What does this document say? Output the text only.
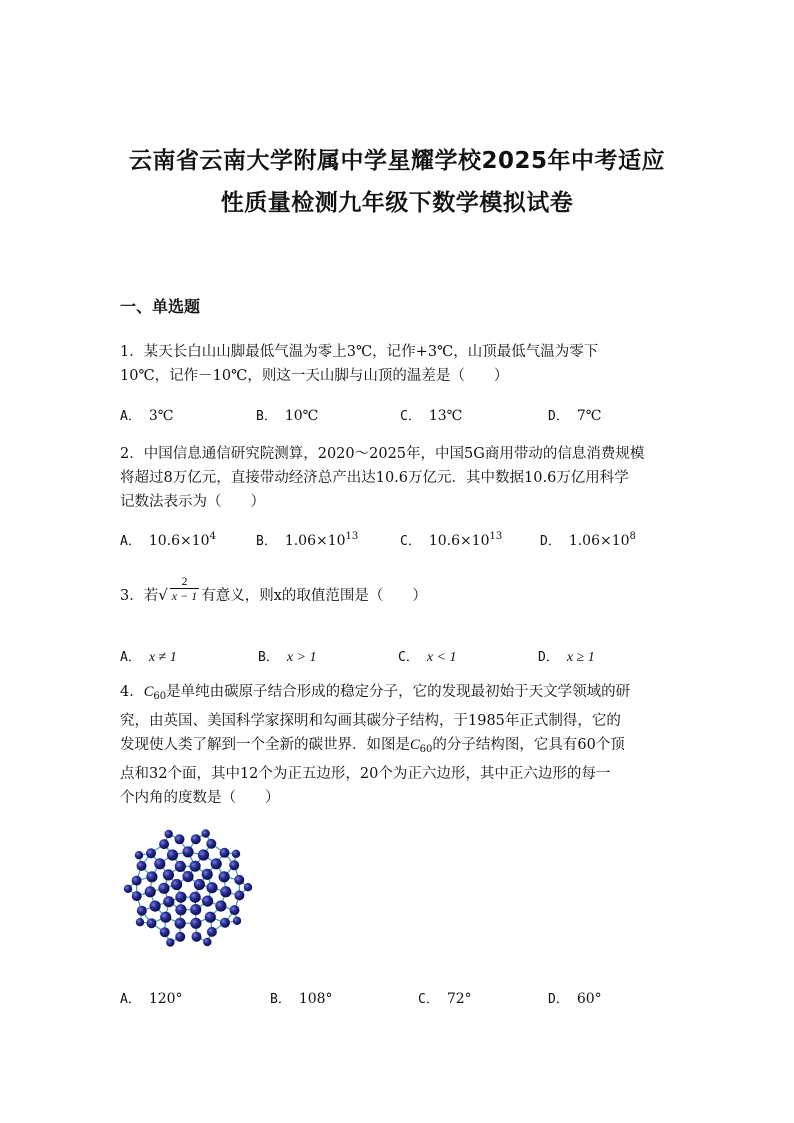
云南省云南大学附属中学星耀学校2025年中考适应
性质量检测九年级下数学模拟试卷
一、单选题
1．某天长白山山脚最低气温为零上3℃，记作+3℃，山顶最低气温为零下
10℃，记作－10℃，则这一天山脚与山顶的温差是（　　）
A． 3℃	B． 10℃	C． 13℃	D． 7℃
2．中国信息通信研究院测算，2020～2025年，中国5G商用带动的信息消费规模
将超过8万亿元，直接带动经济总产出达10.6万亿元．其中数据10.6万亿用科学
记数法表示为（　　）
A． $10.6\times 10^4$	B． $1.06\times 10^{13}$	C． $10.6\times 10^{13}$	D． $1.06\times 10^8$
3．若√ $\frac{2}{x - 1}$ 有意义，则x的取值范围是（　　）
A． x ≠ 1	B． x > 1	C． x < 1	D． x ≥ 1
4．$C_{60}$是单纯由碳原子结合形成的稳定分子，它的发现最初始于天文学领域的研
究，由英国、美国科学家探明和勾画其碳分子结构，于1985年正式制得，它的
发现使人类了解到一个全新的碳世界．如图是$C_{60}$的分子结构图，它具有60个顶
点和32个面，其中12个为正五边形，20个为正六边形，其中正六边形的每一
个内角的度数是（　　）
A． 120°	B． 108°	C． 72°	D． 60°
